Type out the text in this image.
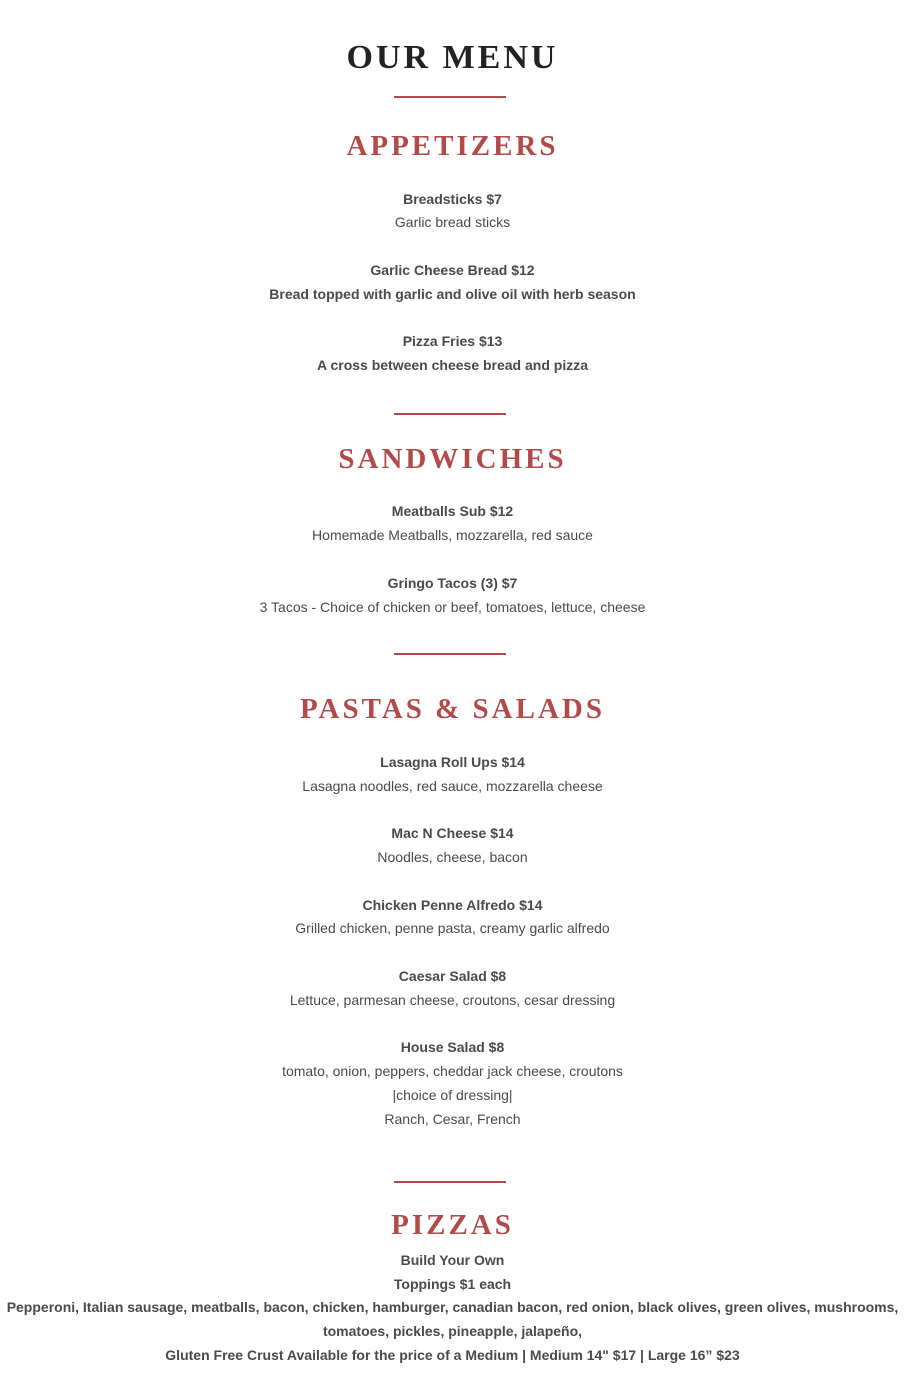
OUR MENU
APPETIZERS
Breadsticks $7
Garlic bread sticks
Garlic Cheese Bread $12
Bread topped with garlic and olive oil with herb season
Pizza Fries $13
A cross between cheese bread and pizza
SANDWICHES
Meatballs Sub $12
Homemade Meatballs, mozzarella, red sauce
Gringo Tacos (3) $7
3 Tacos - Choice of chicken or beef, tomatoes, lettuce, cheese
PASTAS & SALADS
Lasagna Roll Ups $14
Lasagna noodles, red sauce, mozzarella cheese
Mac N Cheese $14
Noodles, cheese, bacon
Chicken Penne Alfredo $14
Grilled chicken, penne pasta, creamy garlic alfredo
Caesar Salad $8
Lettuce, parmesan cheese, croutons, cesar dressing
House Salad $8
tomato, onion, peppers, cheddar jack cheese, croutons
|choice of dressing|
Ranch, Cesar, French
PIZZAS
Build Your Own
Toppings $1 each
Pepperoni, Italian sausage, meatballs, bacon, chicken, hamburger, canadian bacon, red onion, black olives, green olives, mushrooms,
tomatoes, pickles, pineapple, jalapeño,
Gluten Free Crust Available for the price of a Medium | Medium 14" $17 | Large 16” $23
